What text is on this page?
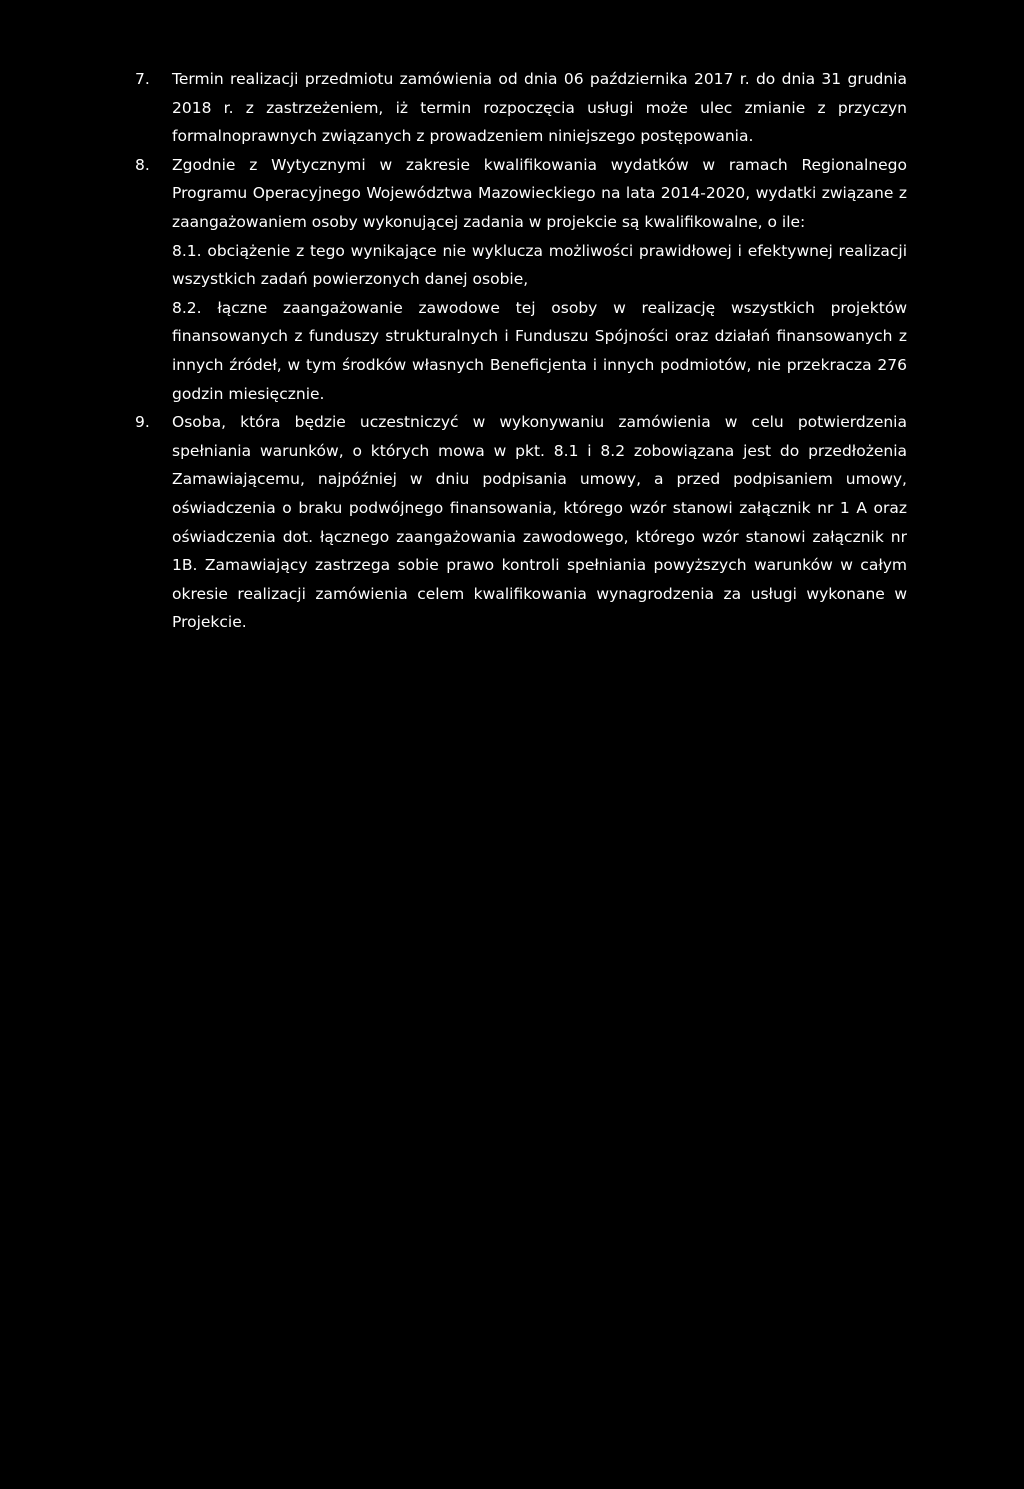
7. Termin realizacji przedmiotu zamówienia od dnia 06 października 2017 r. do dnia 31 grudnia 2018 r. z zastrzeżeniem, iż termin rozpoczęcia usługi może ulec zmianie z przyczyn formalnoprawnych związanych z prowadzeniem niniejszego postępowania.
8. Zgodnie z Wytycznymi w zakresie kwalifikowania wydatków w ramach Regionalnego Programu Operacyjnego Województwa Mazowieckiego na lata 2014-2020, wydatki związane z zaangażowaniem osoby wykonującej zadania w projekcie są kwalifikowalne, o ile:
8.1. obciążenie z tego wynikające nie wyklucza możliwości prawidłowej i efektywnej realizacji wszystkich zadań powierzonych danej osobie,
8.2. łączne zaangażowanie zawodowe tej osoby w realizację wszystkich projektów finansowanych z funduszy strukturalnych i Funduszu Spójności oraz działań finansowanych z innych źródeł, w tym środków własnych Beneficjenta i innych podmiotów, nie przekracza 276 godzin miesięcznie.
9. Osoba, która będzie uczestniczyć w wykonywaniu zamówienia w celu potwierdzenia spełniania warunków, o których mowa w pkt. 8.1 i 8.2 zobowiązana jest do przedłożenia Zamawiającemu, najpóźniej w dniu podpisania umowy, a przed podpisaniem umowy, oświadczenia o braku podwójnego finansowania, którego wzór stanowi załącznik nr 1 A oraz oświadczenia dot. łącznego zaangażowania zawodowego, którego wzór stanowi załącznik nr 1B. Zamawiający zastrzega sobie prawo kontroli spełniania powyższych warunków w całym okresie realizacji zamówienia celem kwalifikowania wynagrodzenia za usługi wykonane w Projekcie.
